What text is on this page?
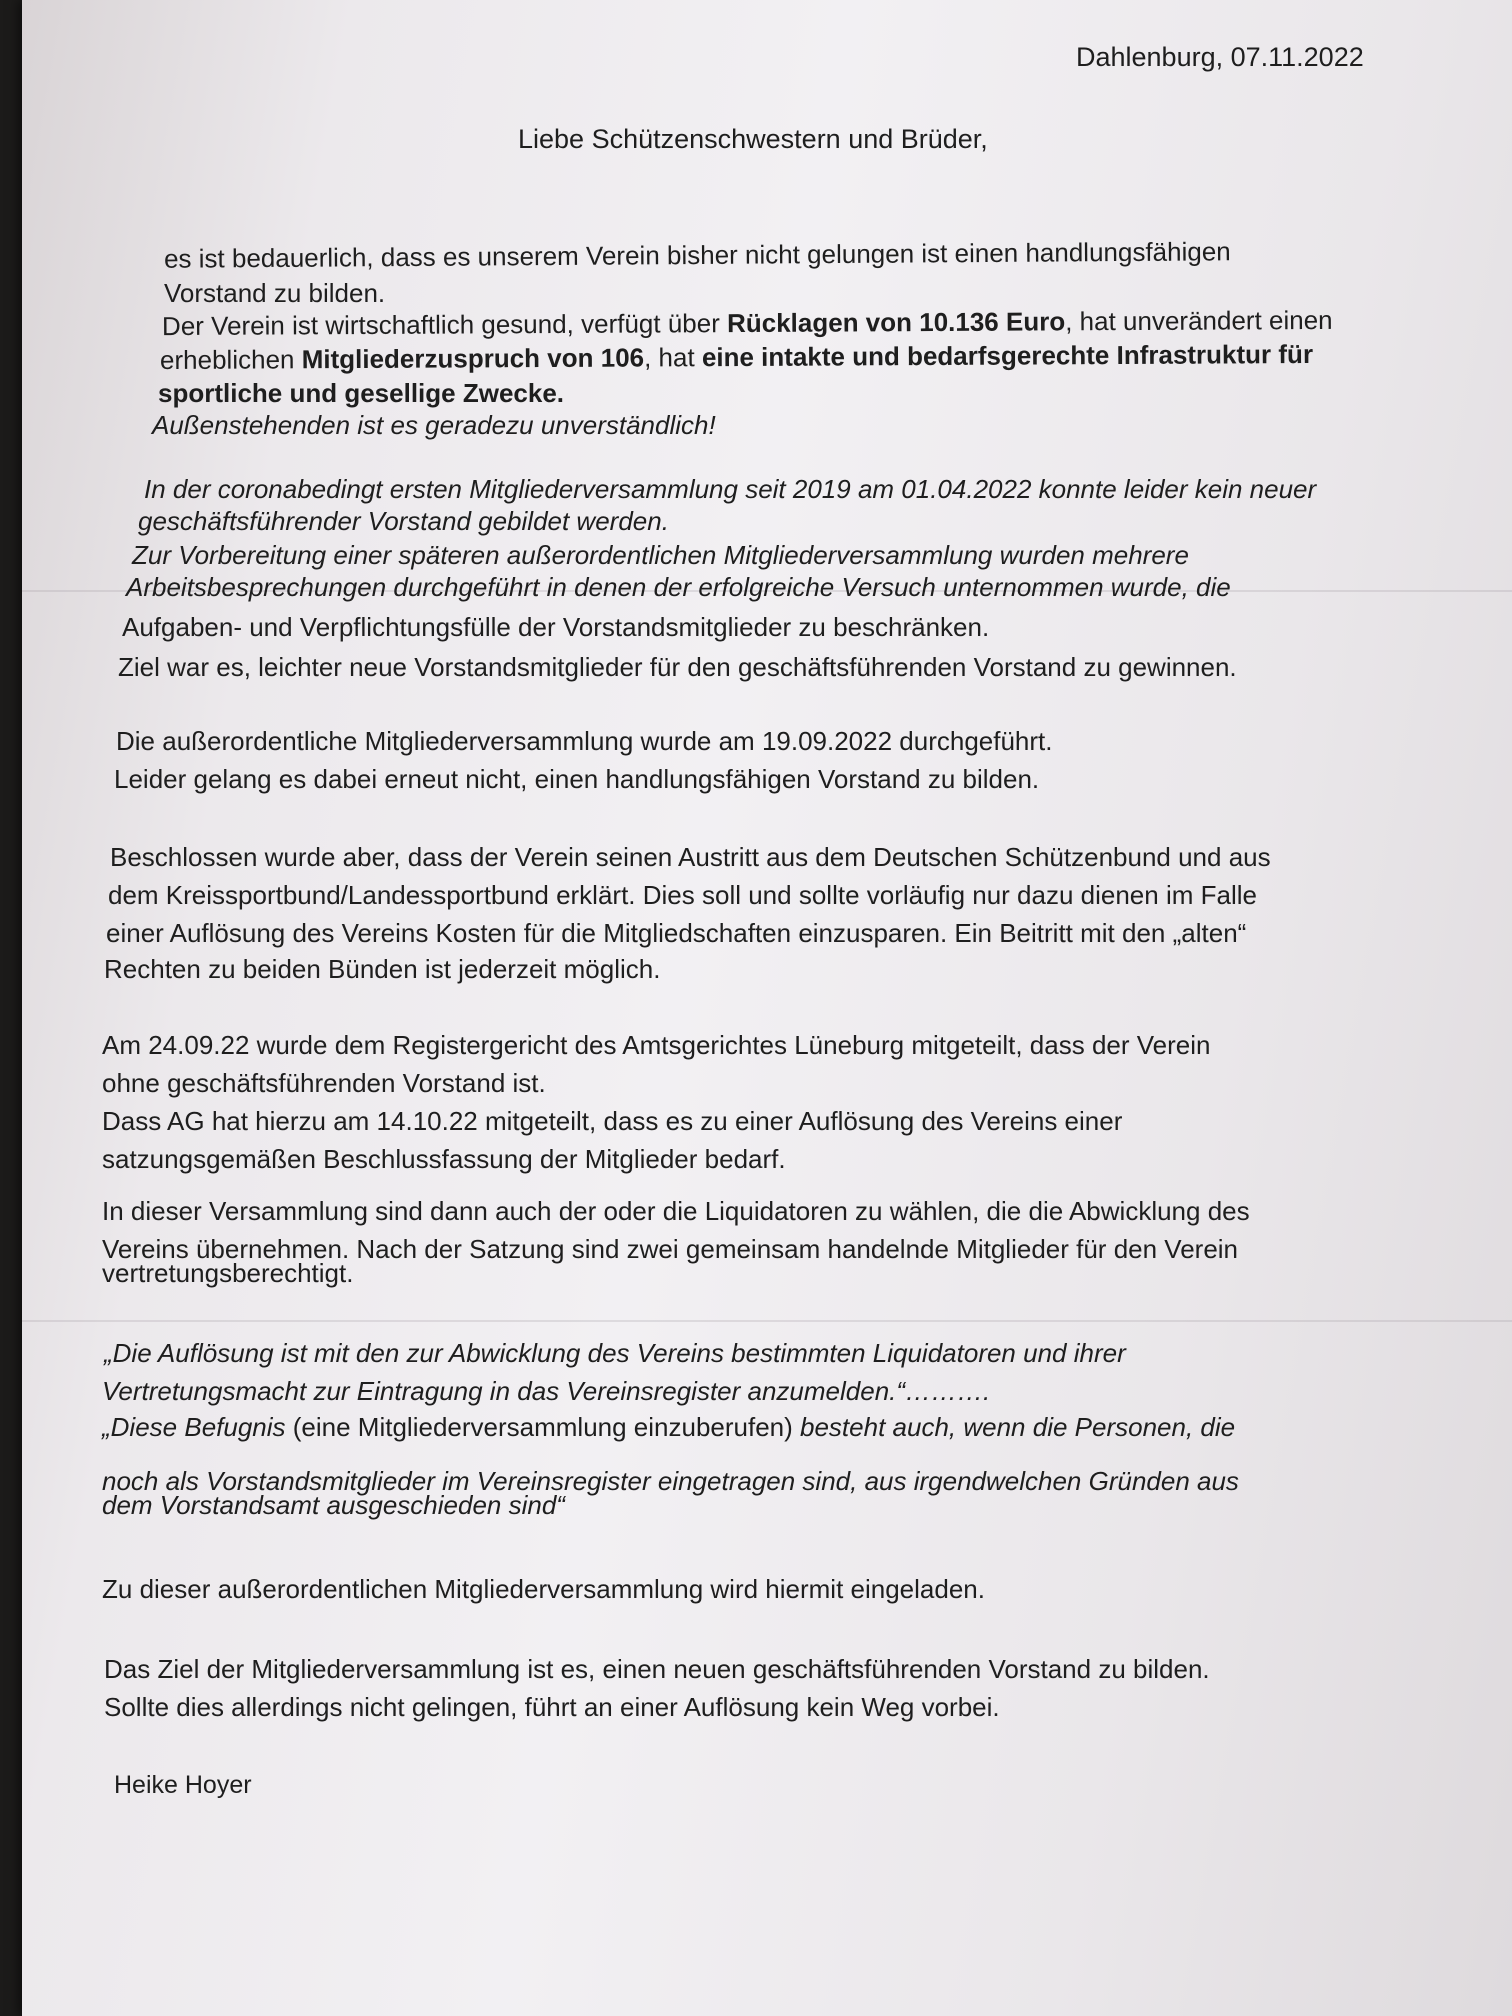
Dahlenburg, 07.11.2022
Liebe Schützenschwestern und Brüder,
es ist bedauerlich, dass es unserem Verein bisher nicht gelungen ist einen handlungsfähigen
Vorstand zu bilden.
Der Verein ist wirtschaftlich gesund, verfügt über Rücklagen von 10.136 Euro, hat unverändert einen
erheblichen Mitgliederzuspruch von 106, hat eine intakte und bedarfsgerechte Infrastruktur für
sportliche und gesellige Zwecke.
Außenstehenden ist es geradezu unverständlich!
In der coronabedingt ersten Mitgliederversammlung seit 2019 am 01.04.2022 konnte leider kein neuer
geschäftsführender Vorstand gebildet werden.
Zur Vorbereitung einer späteren außerordentlichen Mitgliederversammlung wurden mehrere
Arbeitsbesprechungen durchgeführt in denen der erfolgreiche Versuch unternommen wurde, die
Aufgaben- und Verpflichtungsfülle der Vorstandsmitglieder zu beschränken.
Ziel war es, leichter neue Vorstandsmitglieder für den geschäftsführenden Vorstand zu gewinnen.
Die außerordentliche Mitgliederversammlung wurde am 19.09.2022 durchgeführt.
Leider gelang es dabei erneut nicht, einen handlungsfähigen Vorstand zu bilden.
Beschlossen wurde aber, dass der Verein seinen Austritt aus dem Deutschen Schützenbund und aus
dem Kreissportbund/Landessportbund erklärt. Dies soll und sollte vorläufig nur dazu dienen im Falle
einer Auflösung des Vereins Kosten für die Mitgliedschaften einzusparen. Ein Beitritt mit den „alten“
Rechten zu beiden Bünden ist jederzeit möglich.
Am 24.09.22 wurde dem Registergericht des Amtsgerichtes Lüneburg mitgeteilt, dass der Verein
ohne geschäftsführenden Vorstand ist.
Dass AG hat hierzu am 14.10.22 mitgeteilt, dass es zu einer Auflösung des Vereins einer
satzungsgemäßen Beschlussfassung der Mitglieder bedarf.
In dieser Versammlung sind dann auch der oder die Liquidatoren zu wählen, die die Abwicklung des
Vereins übernehmen. Nach der Satzung sind zwei gemeinsam handelnde Mitglieder für den Verein
vertretungsberechtigt.
„Die Auflösung ist mit den zur Abwicklung des Vereins bestimmten Liquidatoren und ihrer
Vertretungsmacht zur Eintragung in das Vereinsregister anzumelden.“……….
„Diese Befugnis (eine Mitgliederversammlung einzuberufen) besteht auch, wenn die Personen, die
noch als Vorstandsmitglieder im Vereinsregister eingetragen sind, aus irgendwelchen Gründen aus
dem Vorstandsamt ausgeschieden sind“
Zu dieser außerordentlichen Mitgliederversammlung wird hiermit eingeladen.
Das Ziel der Mitgliederversammlung ist es, einen neuen geschäftsführenden Vorstand zu bilden.
Sollte dies allerdings nicht gelingen, führt an einer Auflösung kein Weg vorbei.
Heike Hoyer
